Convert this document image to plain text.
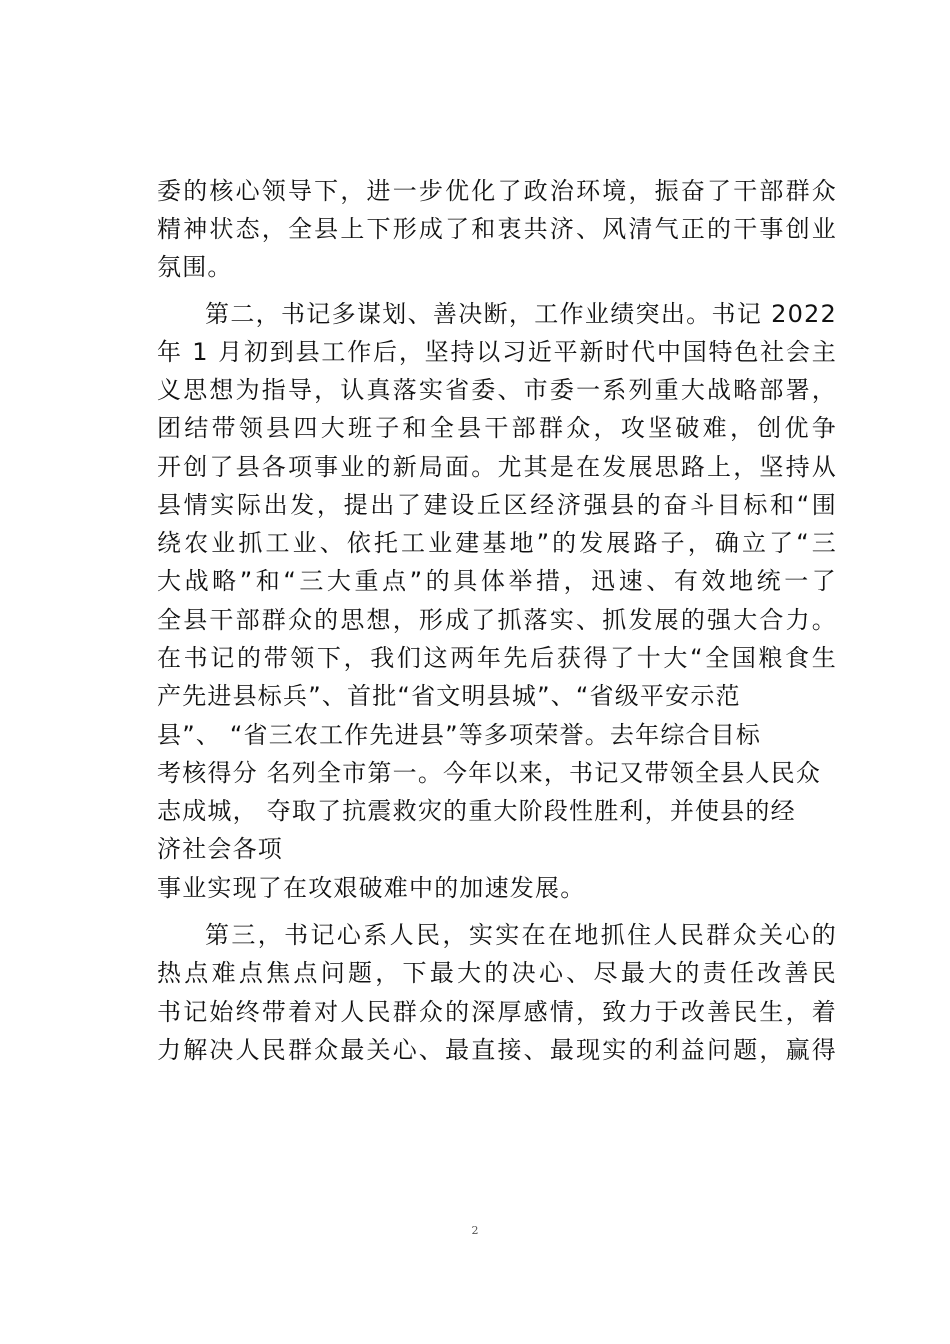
委的核心领导下，进一步优化了政治环境，振奋了干部群众
精神状态，全县上下形成了和衷共济、风清气正的干事创业
氛围。
第二，书记多谋划、善决断，工作业绩突出。书记 2022
年 1 月初到县工作后，坚持以习近平新时代中国特色社会主
义思想为指导，认真落实省委、市委一系列重大战略部署，
团结带领县四大班子和全县干部群众，攻坚破难，创优争
开创了县各项事业的新局面。尤其是在发展思路上，坚持从
县情实际出发，提出了建设丘区经济强县的奋斗目标和“围
绕农业抓工业、依托工业建基地”的发展路子，确立了“三
大战略”和“三大重点”的具体举措，迅速、有效地统一了
全县干部群众的思想，形成了抓落实、抓发展的强大合力。
在书记的带领下，我们这两年先后获得了十大“全国粮食生
产先进县标兵”、首批“省文明县城”、“省级平安示范
县”、 “省三农工作先进县”等多项荣誉。去年综合目标
考核得分 名列全市第一。今年以来，书记又带领全县人民众
志成城， 夺取了抗震救灾的重大阶段性胜利，并使县的经
济社会各项
事业实现了在攻艰破难中的加速发展。
第三，书记心系人民，实实在在地抓住人民群众关心的
热点难点焦点问题，下最大的决心、尽最大的责任改善民
书记始终带着对人民群众的深厚感情，致力于改善民生，着
力解决人民群众最关心、最直接、最现实的利益问题，赢得
2
